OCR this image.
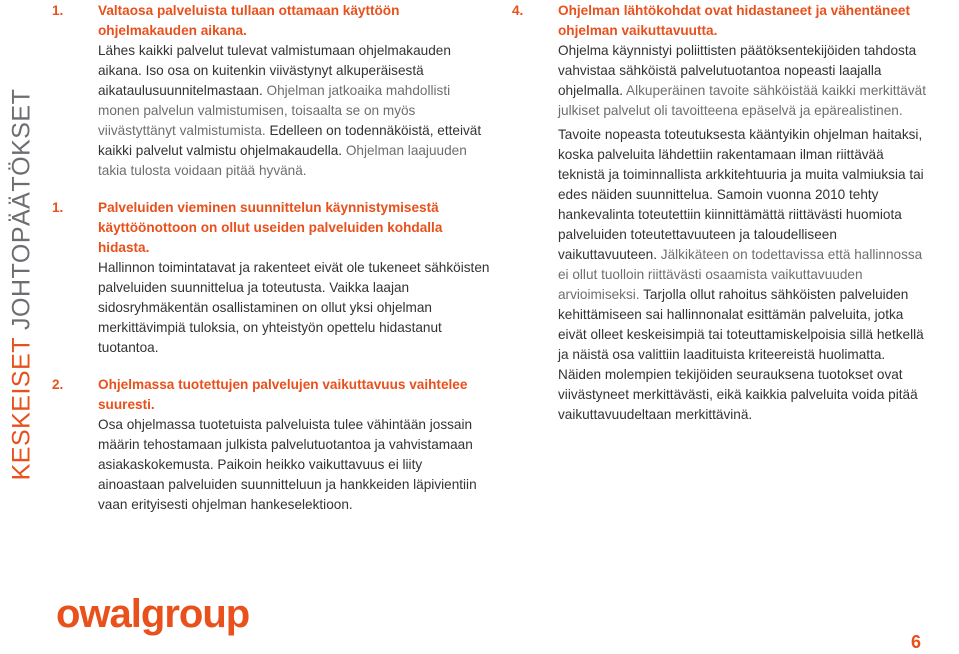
KESKEISET JOHTOPÄÄTÖKSET
1.	Valtaosa palveluista tullaan ottamaan käyttöön ohjelmakauden aikana.

Lähes kaikki palvelut tulevat valmistumaan ohjelmakauden aikana. Iso osa on kuitenkin viivästynyt alkuperäisestä aikataulusuunnitelmastaan. Ohjelman jatkoaika mahdollisti monen palvelun valmistumisen, toisaalta se on myös viivästyttänyt valmistumista. Edelleen on todennäköistä, etteivät kaikki palvelut valmistu ohjelmakaudella. Ohjelman laajuuden takia tulosta voidaan pitää hyvänä.

1.	Palveluiden vieminen suunnittelun käynnistymisestä käyttöönottoon on ollut useiden palveluiden kohdalla hidasta.

Hallinnon toimintatavat ja rakenteet eivät ole tukeneet sähköisten palveluiden suunnittelua ja toteutusta. Vaikka laajan sidosryhmäkentän osallistaminen on ollut yksi ohjelman merkittävimpiä tuloksia, on yhteistyön opettelu hidastanut tuotantoa.

2.	Ohjelmassa tuotettujen palvelujen vaikuttavuus vaihtelee suuresti.

Osa ohjelmassa tuotetuista palveluista tulee vähintään jossain määrin tehostamaan julkista palvelutuotantoa ja vahvistamaan asiakaskokemusta. Paikoin heikko vaikuttavuus ei liity ainoastaan palveluiden suunnitteluun ja hankkeiden läpivientiin vaan erityisesti ohjelman hankeselektioon.

4.	Ohjelman lähtökohdat ovat hidastaneet ja vähentäneet ohjelman vaikuttavuutta.

Ohjelma käynnistyi poliittisten päätöksentekijöiden tahdosta vahvistaa sähköistä palvelutuotantoa nopeasti laajalla ohjelmalla. Alkuperäinen tavoite sähköistää kaikki merkittävät julkiset palvelut oli tavoitteena epäselvä ja epärealistinen.

Tavoite nopeasta toteutuksesta kääntyikin ohjelman haitaksi, koska palveluita lähdettiin rakentamaan ilman riittävää teknistä ja toiminnallista arkkitehtuuria ja muita valmiuksia tai edes näiden suunnittelua. Samoin vuonna 2010 tehty hankevalinta toteutettiin kiinnittämättä riittävästi huomiota palveluiden toteutettavuuteen ja taloudelliseen vaikuttavuuteen. Jälkikäteen on todettavissa että hallinnossa ei ollut tuolloin riittävästi osaamista vaikuttavuuden arvioimiseksi. Tarjolla ollut rahoitus sähköisten palveluiden kehittämiseen sai hallinnonalat esittämän palveluita, jotka eivät olleet keskeisimpiä tai toteuttamiskelpoisia sillä hetkellä ja näistä osa valittiin laadituista kriteereistä huolimatta. Näiden molempien tekijöiden seurauksena tuotokset ovat viivästyneet merkittävästi, eikä kaikkia palveluita voida pitää vaikuttavuudeltaan merkittävinä.

owalgroup
6
